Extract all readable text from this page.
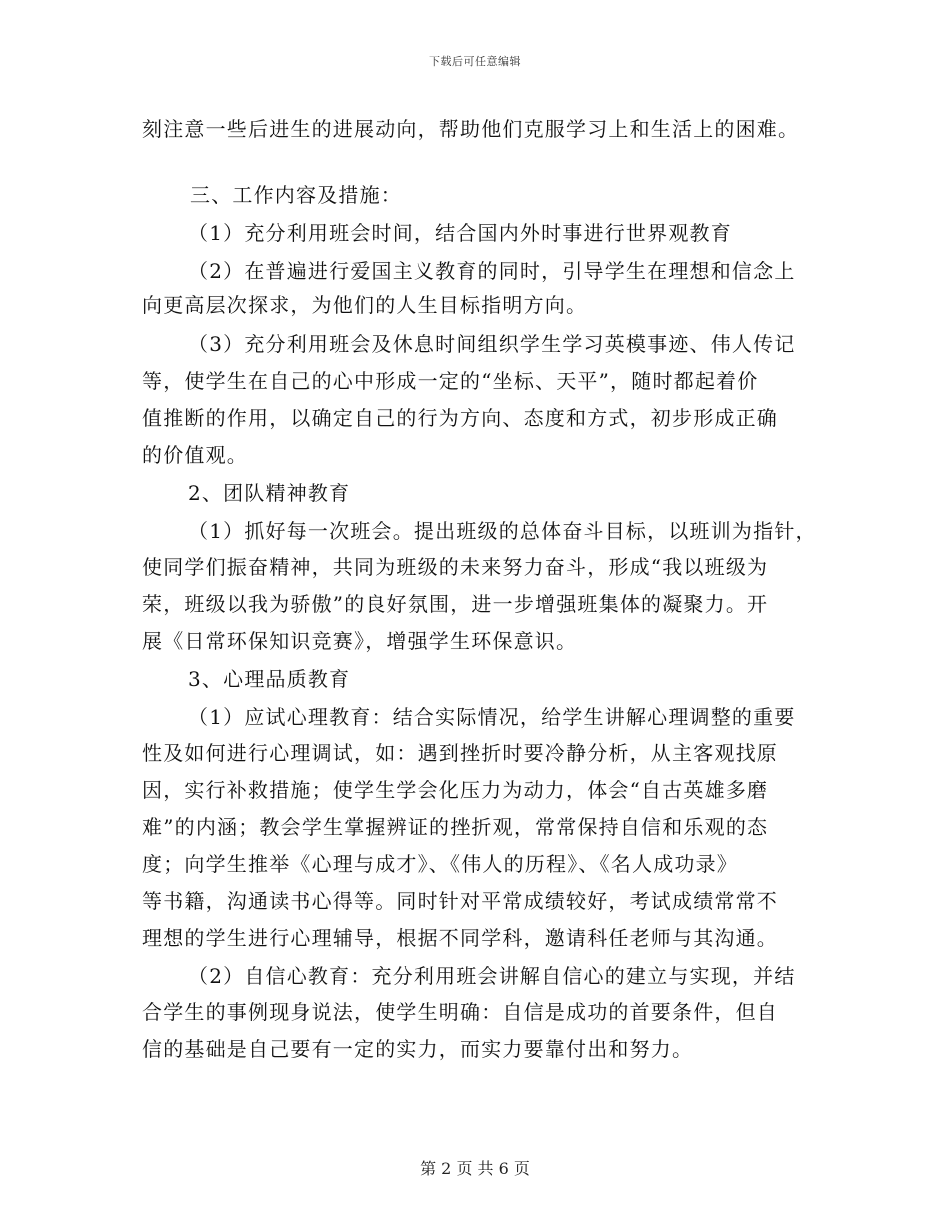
下载后可任意编辑
刻注意一些后进生的进展动向，帮助他们克服学习上和生活上的困难。
三、工作内容及措施：
（1）充分利用班会时间，结合国内外时事进行世界观教育
（2）在普遍进行爱国主义教育的同时，引导学生在理想和信念上
向更高层次探求，为他们的人生目标指明方向。
（3）充分利用班会及休息时间组织学生学习英模事迹、伟人传记
等，使学生在自己的心中形成一定的“坐标、天平”，随时都起着价
值推断的作用，以确定自己的行为方向、态度和方式，初步形成正确
的价值观。
2、团队精神教育
（1）抓好每一次班会。提出班级的总体奋斗目标，以班训为指针，
使同学们振奋精神，共同为班级的未来努力奋斗，形成“我以班级为
荣，班级以我为骄傲”的良好氛围，进一步增强班集体的凝聚力。开
展《日常环保知识竞赛》，增强学生环保意识。
3、心理品质教育
（1）应试心理教育：结合实际情况，给学生讲解心理调整的重要
性及如何进行心理调试，如：遇到挫折时要冷静分析，从主客观找原
因，实行补救措施；使学生学会化压力为动力，体会“自古英雄多磨
难”的内涵；教会学生掌握辨证的挫折观，常常保持自信和乐观的态
度；向学生推举《心理与成才》、《伟人的历程》、《名人成功录》
等书籍，沟通读书心得等。同时针对平常成绩较好，考试成绩常常不
理想的学生进行心理辅导，根据不同学科，邀请科任老师与其沟通。
（2）自信心教育：充分利用班会讲解自信心的建立与实现，并结
合学生的事例现身说法，使学生明确：自信是成功的首要条件，但自
信的基础是自己要有一定的实力，而实力要靠付出和努力。
第 2 页 共 6 页
